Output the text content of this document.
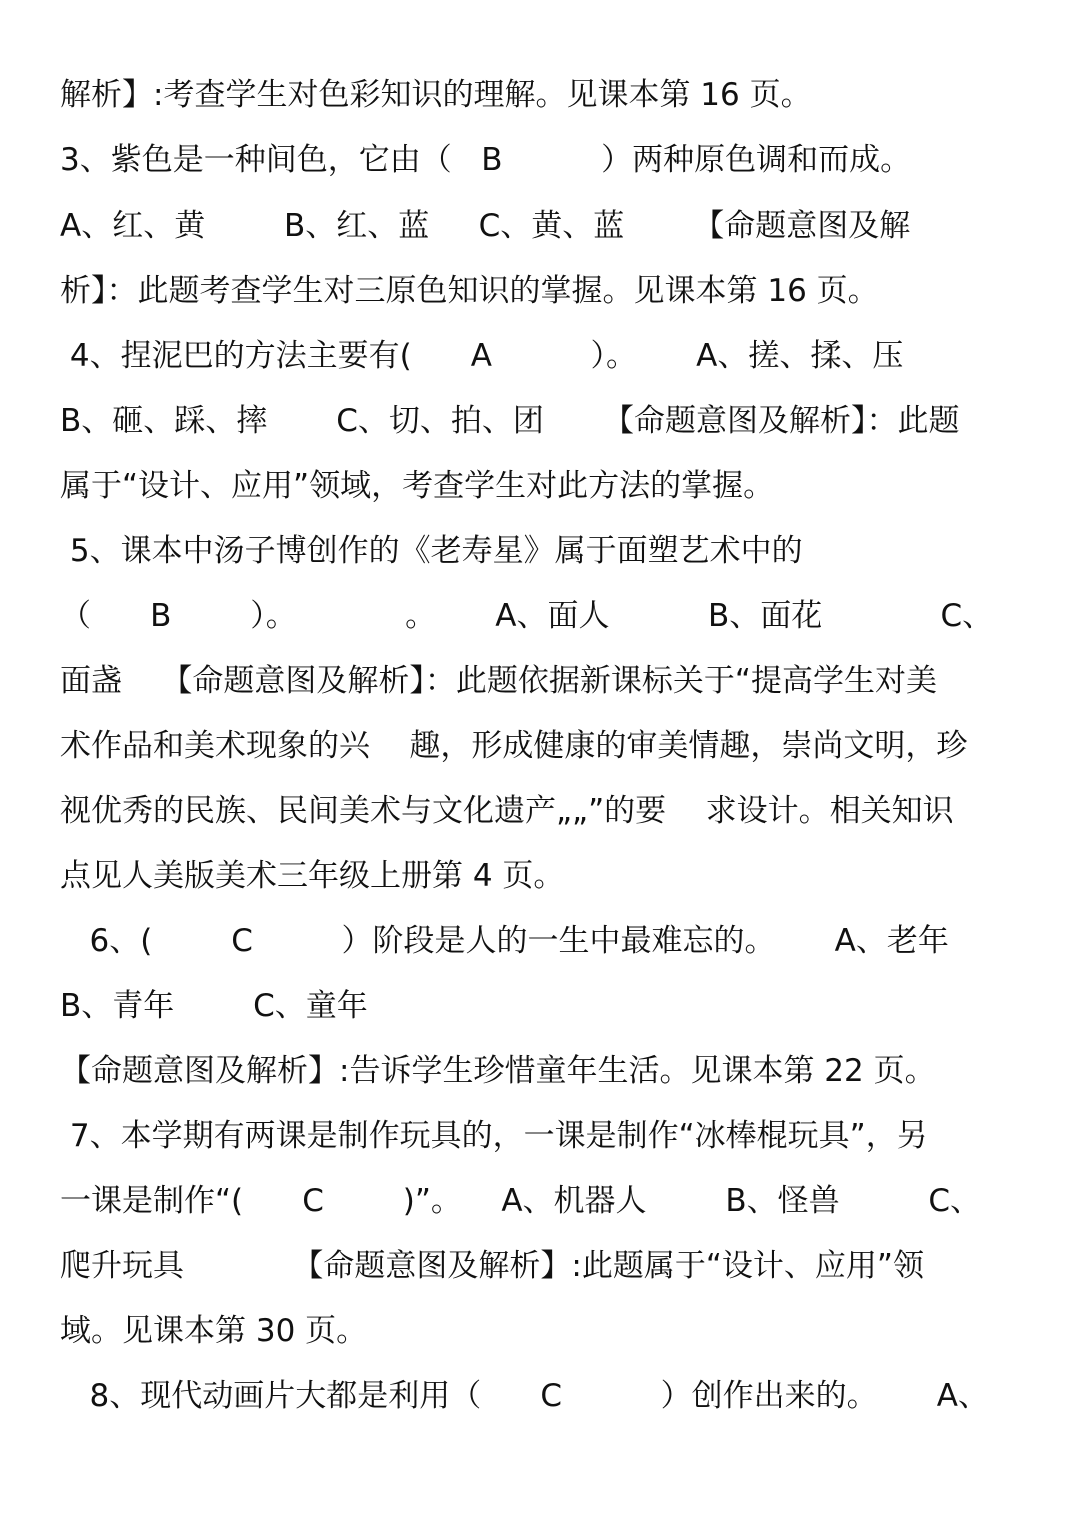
解析】:考查学生对色彩知识的理解。见课本第 16 页。
3、紫色是一种间色，它由（   B          ）两种原色调和而成。
A、红、黄        B、红、蓝     C、黄、蓝       【命题意图及解
析】：此题考查学生对三原色知识的掌握。见课本第 16 页。
4、捏泥巴的方法主要有(      A          ）。      A、搓、揉、压
B、砸、踩、摔       C、切、拍、团      【命题意图及解析】：此题
属于“设计、应用”领域，考查学生对此方法的掌握。
5、课本中汤子博创作的《老寿星》属于面塑艺术中的
（      B        ）。           。      A、面人          B、面花            C、
面盏    【命题意图及解析】：此题依据新课标关于“提高学生对美
术作品和美术现象的兴    趣，形成健康的审美情趣，崇尚文明，珍
视优秀的民族、民间美术与文化遗产„„”的要    求设计。相关知识
点见人美版美术三年级上册第 4 页。
6、(        C         ）阶段是人的一生中最难忘的。      A、老年
B、青年        C、童年
【命题意图及解析】:告诉学生珍惜童年生活。见课本第 22 页。
7、本学期有两课是制作玩具的，一课是制作“冰棒棍玩具”，另
一课是制作“(      C        )”。    A、机器人        B、怪兽         C、
爬升玩具           【命题意图及解析】:此题属于“设计、应用”领
域。见课本第 30 页。
8、现代动画片大都是利用（      C          ）创作出来的。      A、
